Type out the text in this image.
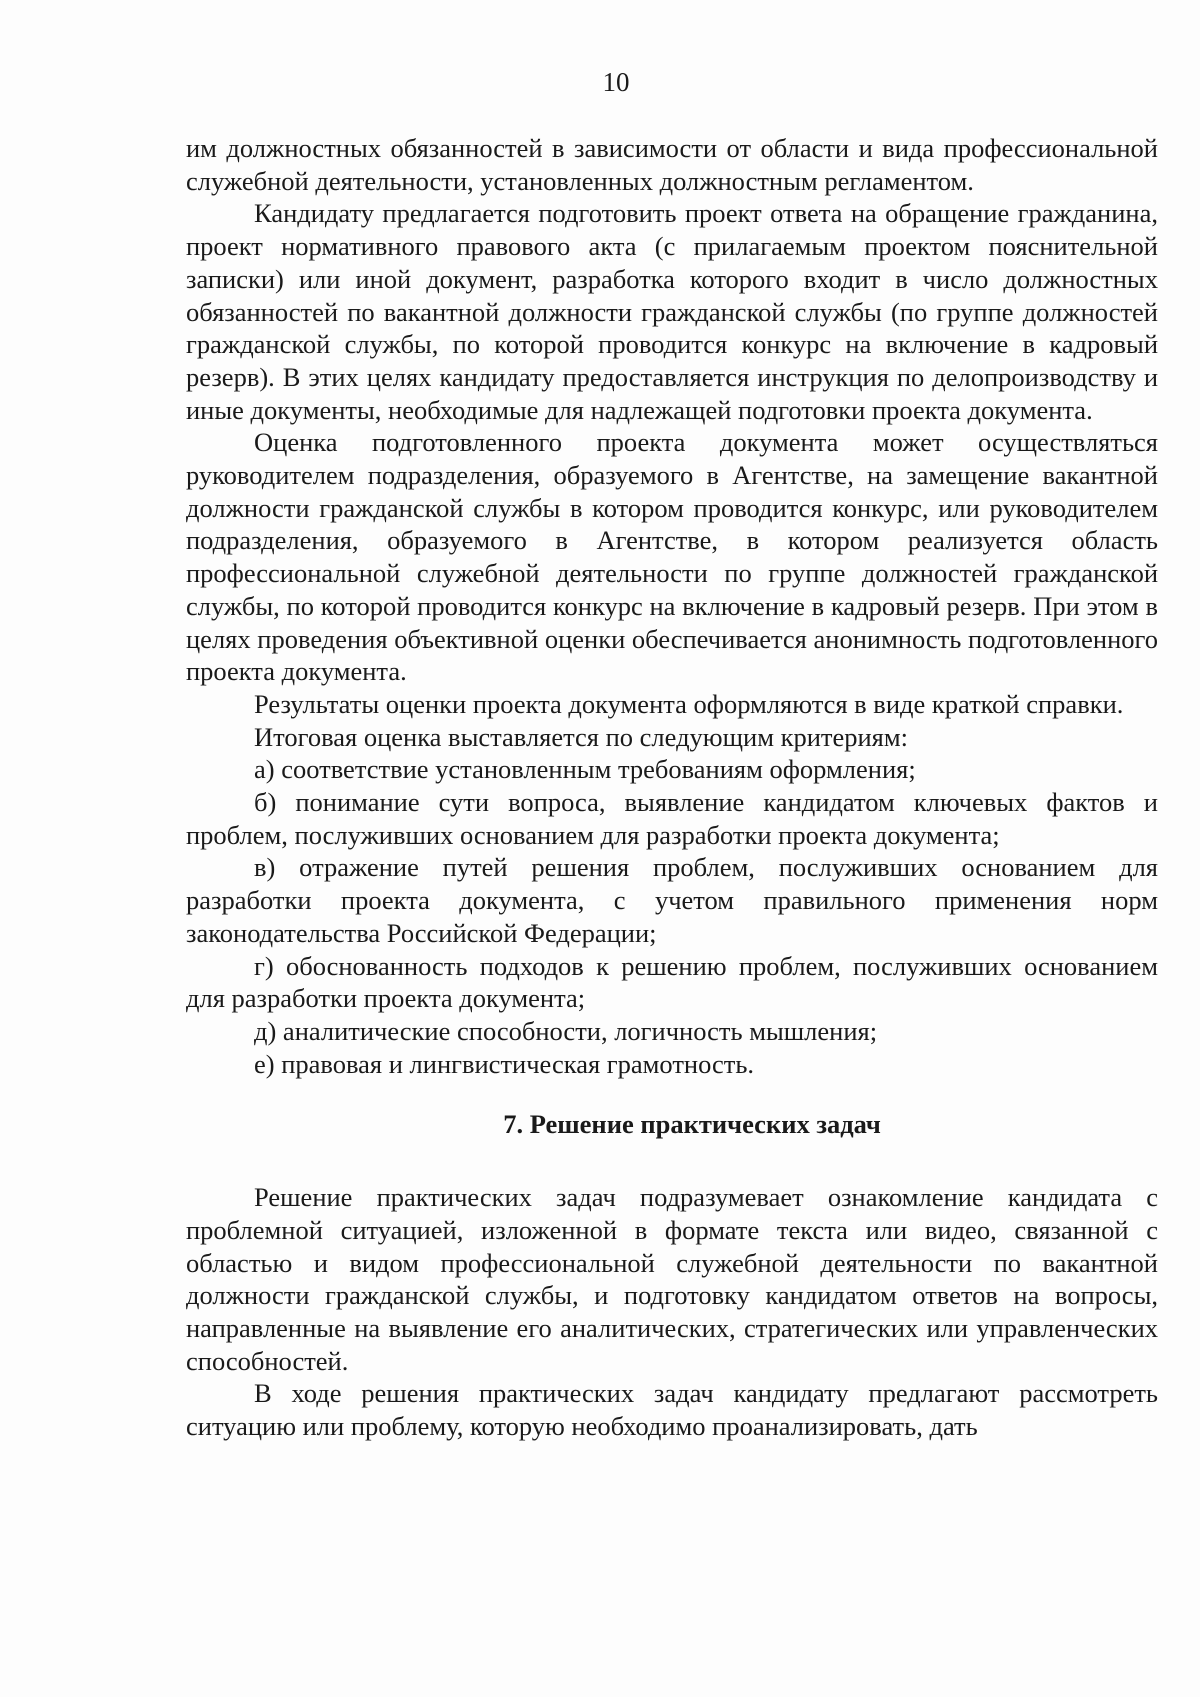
10

им должностных обязанностей в зависимости от области и вида профессиональной служебной деятельности, установленных должностным регламентом.

Кандидату предлагается подготовить проект ответа на обращение гражданина, проект нормативного правового акта (с прилагаемым проектом пояснительной записки) или иной документ, разработка которого входит в число должностных обязанностей по вакантной должности гражданской службы (по группе должностей гражданской службы, по которой проводится конкурс на включение в кадровый резерв). В этих целях кандидату предоставляется инструкция по делопроизводству и иные документы, необходимые для надлежащей подготовки проекта документа.

Оценка подготовленного проекта документа может осуществляться руководителем подразделения, образуемого в Агентстве, на замещение вакантной должности гражданской службы в котором проводится конкурс, или руководителем подразделения, образуемого в Агентстве, в котором реализуется область профессиональной служебной деятельности по группе должностей гражданской службы, по которой проводится конкурс на включение в кадровый резерв. При этом в целях проведения объективной оценки обеспечивается анонимность подготовленного проекта документа.

Результаты оценки проекта документа оформляются в виде краткой справки.

Итоговая оценка выставляется по следующим критериям:

а) соответствие установленным требованиям оформления;

б) понимание сути вопроса, выявление кандидатом ключевых фактов и проблем, послуживших основанием для разработки проекта документа;

в) отражение путей решения проблем, послуживших основанием для разработки проекта документа, с учетом правильного применения норм законодательства Российской Федерации;

г) обоснованность подходов к решению проблем, послуживших основанием для разработки проекта документа;

д) аналитические способности, логичность мышления;

е) правовая и лингвистическая грамотность.

7. Решение практических задач

Решение практических задач подразумевает ознакомление кандидата с проблемной ситуацией, изложенной в формате текста или видео, связанной с областью и видом профессиональной служебной деятельности по вакантной должности гражданской службы, и подготовку кандидатом ответов на вопросы, направленные на выявление его аналитических, стратегических или управленческих способностей.

В ходе решения практических задач кандидату предлагают рассмотреть ситуацию или проблему, которую необходимо проанализировать, дать
